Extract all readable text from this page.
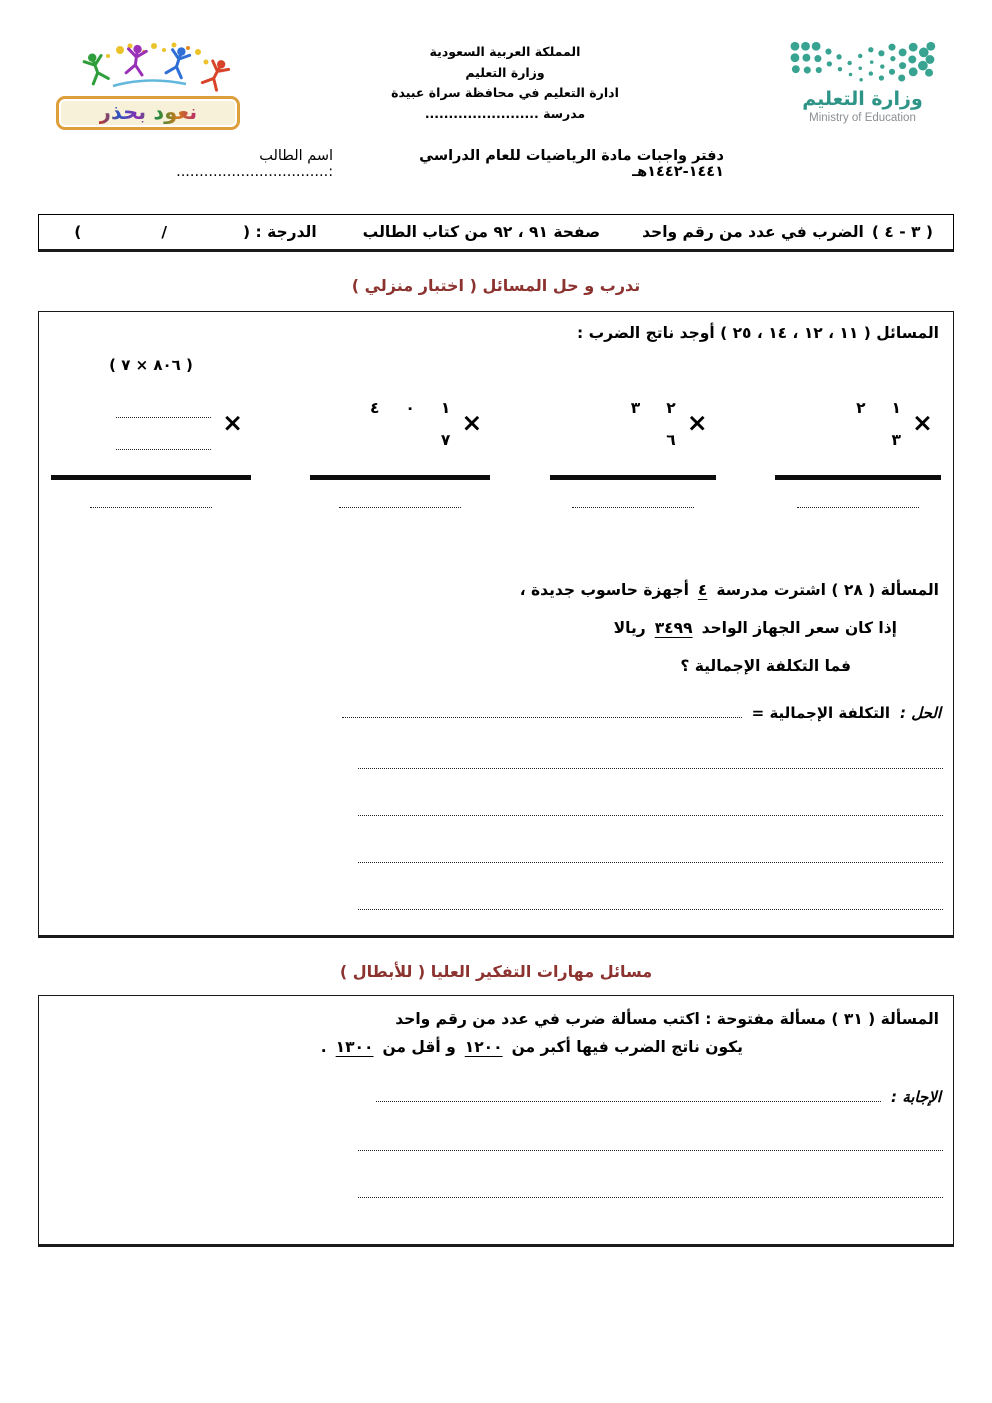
نعود بحذر
المملكة العربية السعودية
وزارة التعليم
ادارة التعليم في محافظة سراة عبيدة
مدرسة ........................
وزارة التعليم
Ministry of Education
دفتر واجبات مادة الرياضيات للعام الدراسي ١٤٤١-١٤٤٢هـ
اسم الطالب :.................................
( ٣ - ٤ )
الضرب في عدد من رقم واحد
صفحة ٩١ ، ٩٢ من كتاب الطالب
الدرجة : (
/
)
تدرب و حل المسائل ( اختبار منزلي )
المسائل ( ١١ ، ١٢ ، ١٤ ، ٢٥ ) أوجد ناتج الضرب :
٢ ١
٣
×
٣ ٢
٦
×
٤ ٠ ١
٧
×
( ٨٠٦ × ٧ )
×
المسألة ( ٢٨ ) اشترت مدرسة٤أجهزة حاسوب جديدة ،
إذا كان سعر الجهاز الواحد٣٤٩٩ريالا
فما التكلفة الإجمالية ؟
الحل :
التكلفة الإجمالية =
مسائل مهارات التفكير العليا ( للأبطال )
المسألة ( ٣١ ) مسألة مفتوحة : اكتب مسألة ضرب في عدد من رقم واحد
يكون ناتج الضرب فيها أكبر من١٢٠٠و أقل من١٣٠٠.
الإجابة :
